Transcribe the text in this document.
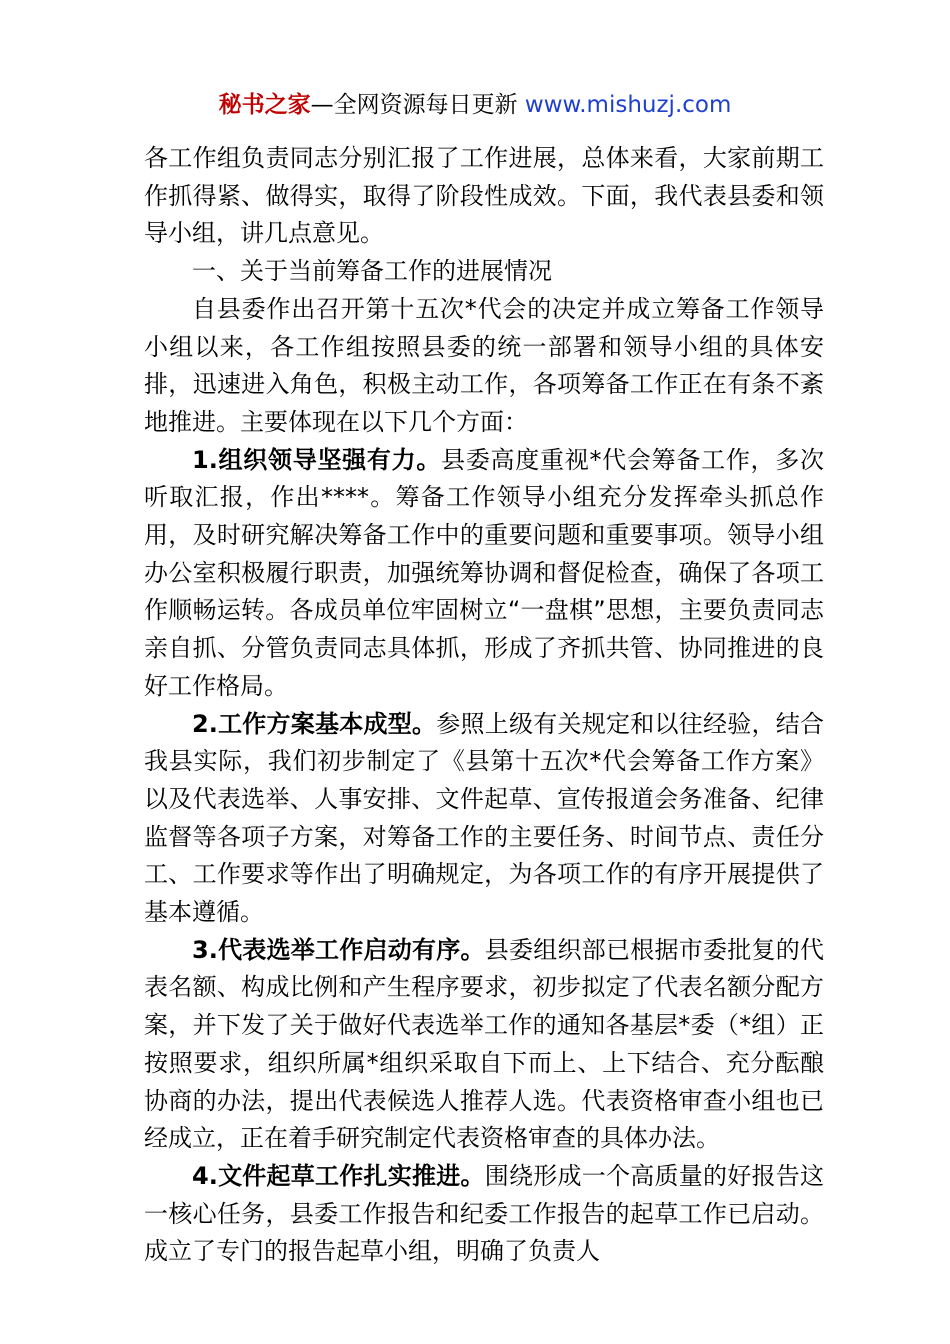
秘书之家—全网资源每日更新 www.mishuzj.com

各工作组负责同志分别汇报了工作进展，总体来看，大家前期工作抓得紧、做得实，取得了阶段性成效。下面，我代表县委和领导小组，讲几点意见。

一、关于当前筹备工作的进展情况

自县委作出召开第十五次*代会的决定并成立筹备工作领导小组以来，各工作组按照县委的统一部署和领导小组的具体安排，迅速进入角色，积极主动工作，各项筹备工作正在有条不紊地推进。主要体现在以下几个方面：

1.组织领导坚强有力。县委高度重视*代会筹备工作，多次听取汇报，作出****。筹备工作领导小组充分发挥牵头抓总作用，及时研究解决筹备工作中的重要问题和重要事项。领导小组办公室积极履行职责，加强统筹协调和督促检查，确保了各项工作顺畅运转。各成员单位牢固树立“一盘棋”思想，主要负责同志亲自抓、分管负责同志具体抓，形成了齐抓共管、协同推进的良好工作格局。

2.工作方案基本成型。参照上级有关规定和以往经验，结合我县实际，我们初步制定了《县第十五次*代会筹备工作方案》以及代表选举、人事安排、文件起草、宣传报道会务准备、纪律监督等各项子方案，对筹备工作的主要任务、时间节点、责任分工、工作要求等作出了明确规定，为各项工作的有序开展提供了基本遵循。

3.代表选举工作启动有序。县委组织部已根据市委批复的代表名额、构成比例和产生程序要求，初步拟定了代表名额分配方案，并下发了关于做好代表选举工作的通知各基层*委（*组）正按照要求，组织所属*组织采取自下而上、上下结合、充分酝酿协商的办法，提出代表候选人推荐人选。代表资格审查小组也已经成立，正在着手研究制定代表资格审查的具体办法。

4.文件起草工作扎实推进。围绕形成一个高质量的好报告这一核心任务，县委工作报告和纪委工作报告的起草工作已启动。成立了专门的报告起草小组，明确了负责人
